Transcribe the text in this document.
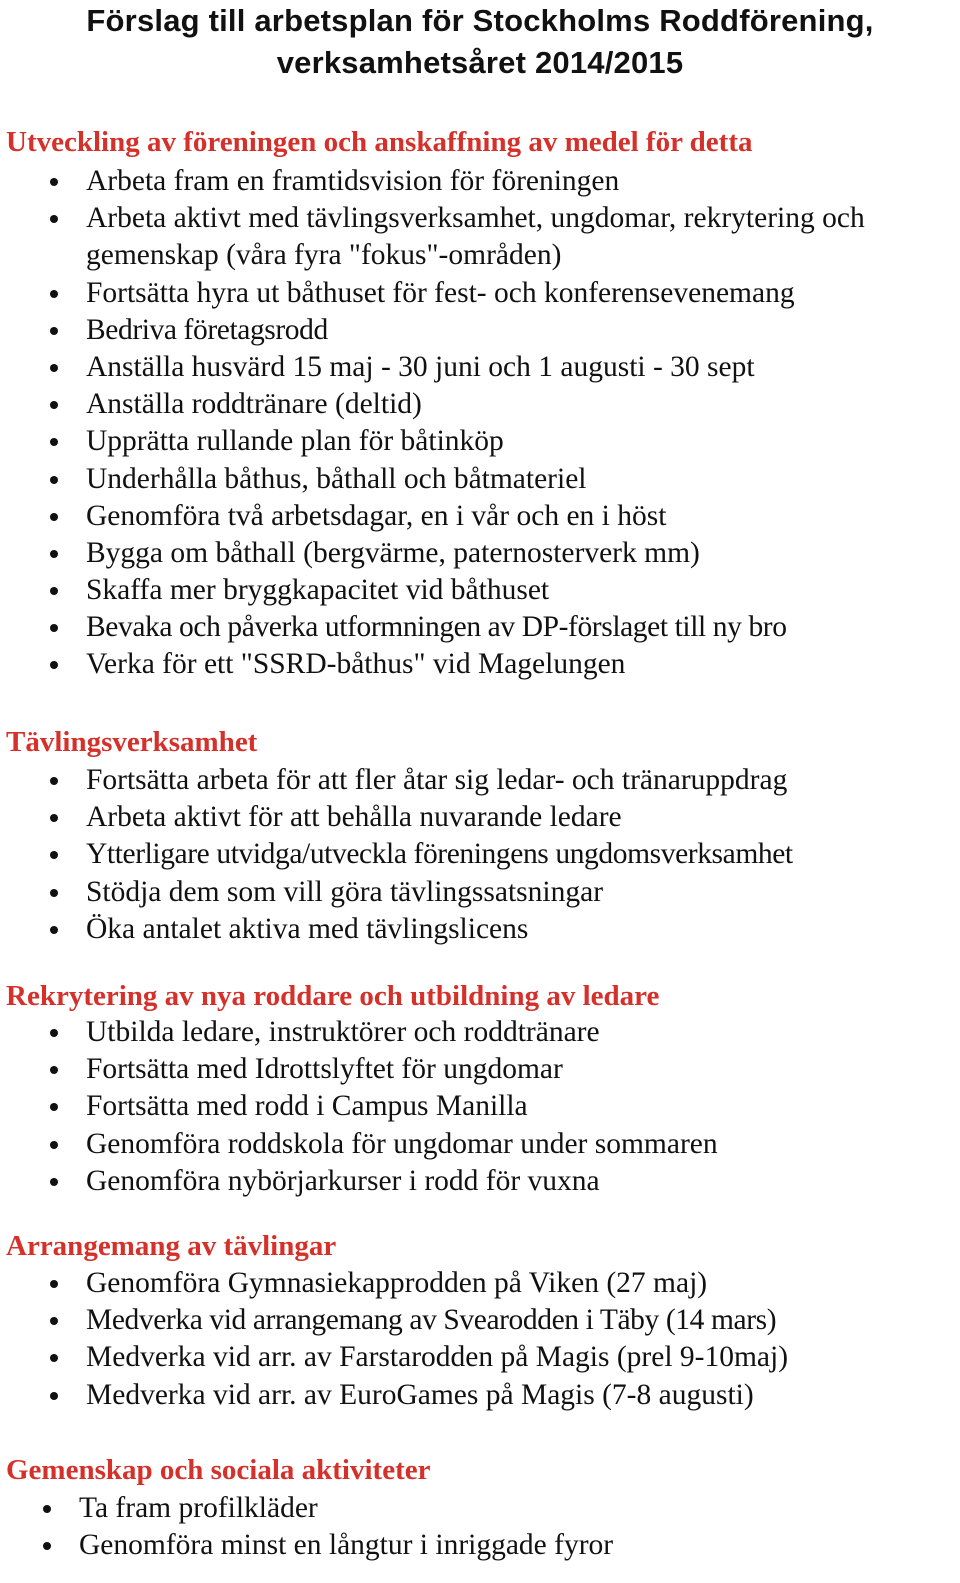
Förslag till arbetsplan för Stockholms Roddförening,
verksamhetsåret 2014/2015
Utveckling av föreningen och anskaffning av medel för detta
Arbeta fram en framtidsvision för föreningen
Arbeta aktivt med tävlingsverksamhet, ungdomar, rekrytering och gemenskap (våra fyra "fokus"-områden)
Fortsätta hyra ut båthuset för fest- och konferensevenemang
Bedriva företagsrodd
Anställa husvärd 15 maj - 30 juni och 1 augusti - 30 sept
Anställa roddtränare (deltid)
Upprätta rullande plan för båtinköp
Underhålla båthus, båthall och båtmateriel
Genomföra två arbetsdagar, en i vår och en i höst
Bygga om båthall (bergvärme, paternosterverk mm)
Skaffa mer bryggkapacitet vid båthuset
Bevaka och påverka utformningen av DP-förslaget till ny bro
Verka för ett "SSRD-båthus" vid Magelungen
Tävlingsverksamhet
Fortsätta arbeta för att fler åtar sig ledar- och tränaruppdrag
Arbeta aktivt för att behålla nuvarande ledare
Ytterligare utvidga/utveckla föreningens ungdomsverksamhet
Stödja dem som vill göra tävlingssatsningar
Öka antalet aktiva med tävlingslicens
Rekrytering av nya roddare och utbildning av ledare
Utbilda ledare, instruktörer och roddtränare
Fortsätta med Idrottslyftet för ungdomar
Fortsätta med rodd i Campus Manilla
Genomföra roddskola för ungdomar under sommaren
Genomföra nybörjarkurser i rodd för vuxna
Arrangemang av tävlingar
Genomföra Gymnasiekapprodden på Viken (27 maj)
Medverka vid arrangemang av Svearodden i Täby (14 mars)
Medverka vid arr. av Farstarodden på Magis (prel 9-10maj)
Medverka vid arr. av EuroGames på Magis (7-8 augusti)
Gemenskap och sociala aktiviteter
Ta fram profilkläder
Genomföra minst en långtur i inriggade fyror
